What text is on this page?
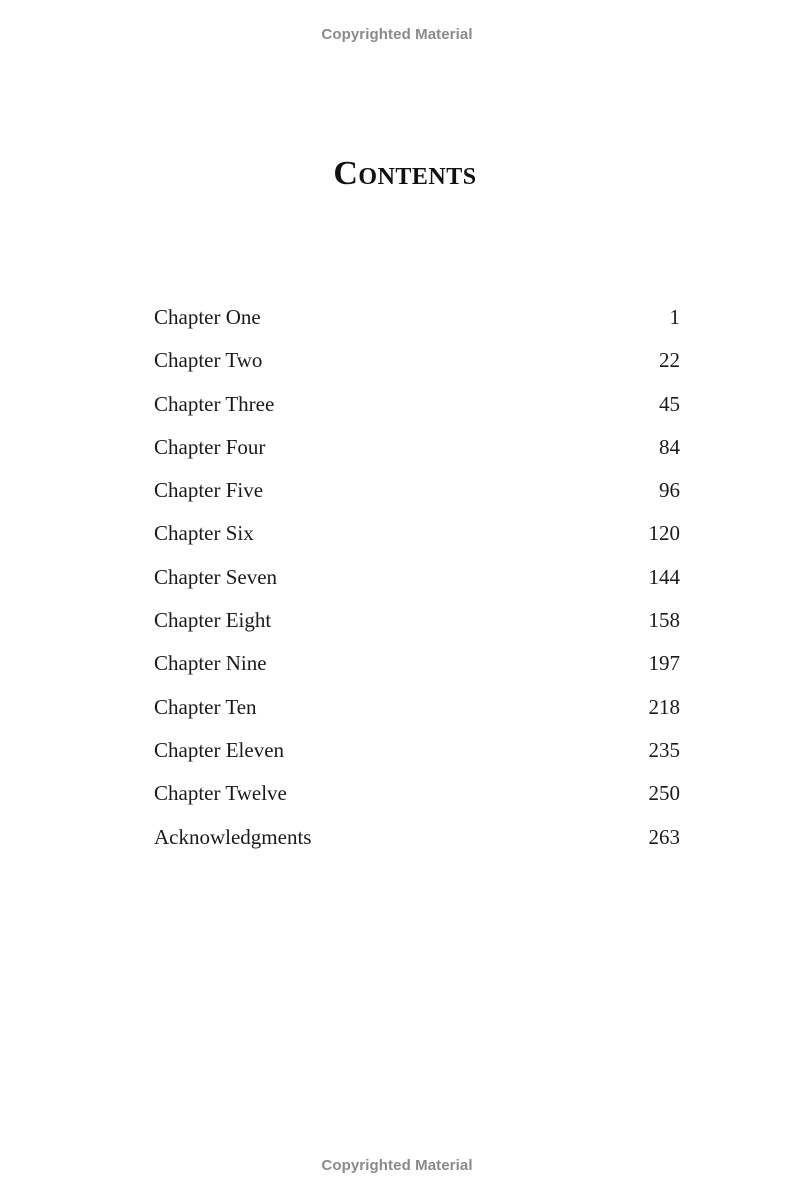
Copyrighted Material
Contents
Chapter One	1
Chapter Two	22
Chapter Three	45
Chapter Four	84
Chapter Five	96
Chapter Six	120
Chapter Seven	144
Chapter Eight	158
Chapter Nine	197
Chapter Ten	218
Chapter Eleven	235
Chapter Twelve	250
Acknowledgments	263
Copyrighted Material
